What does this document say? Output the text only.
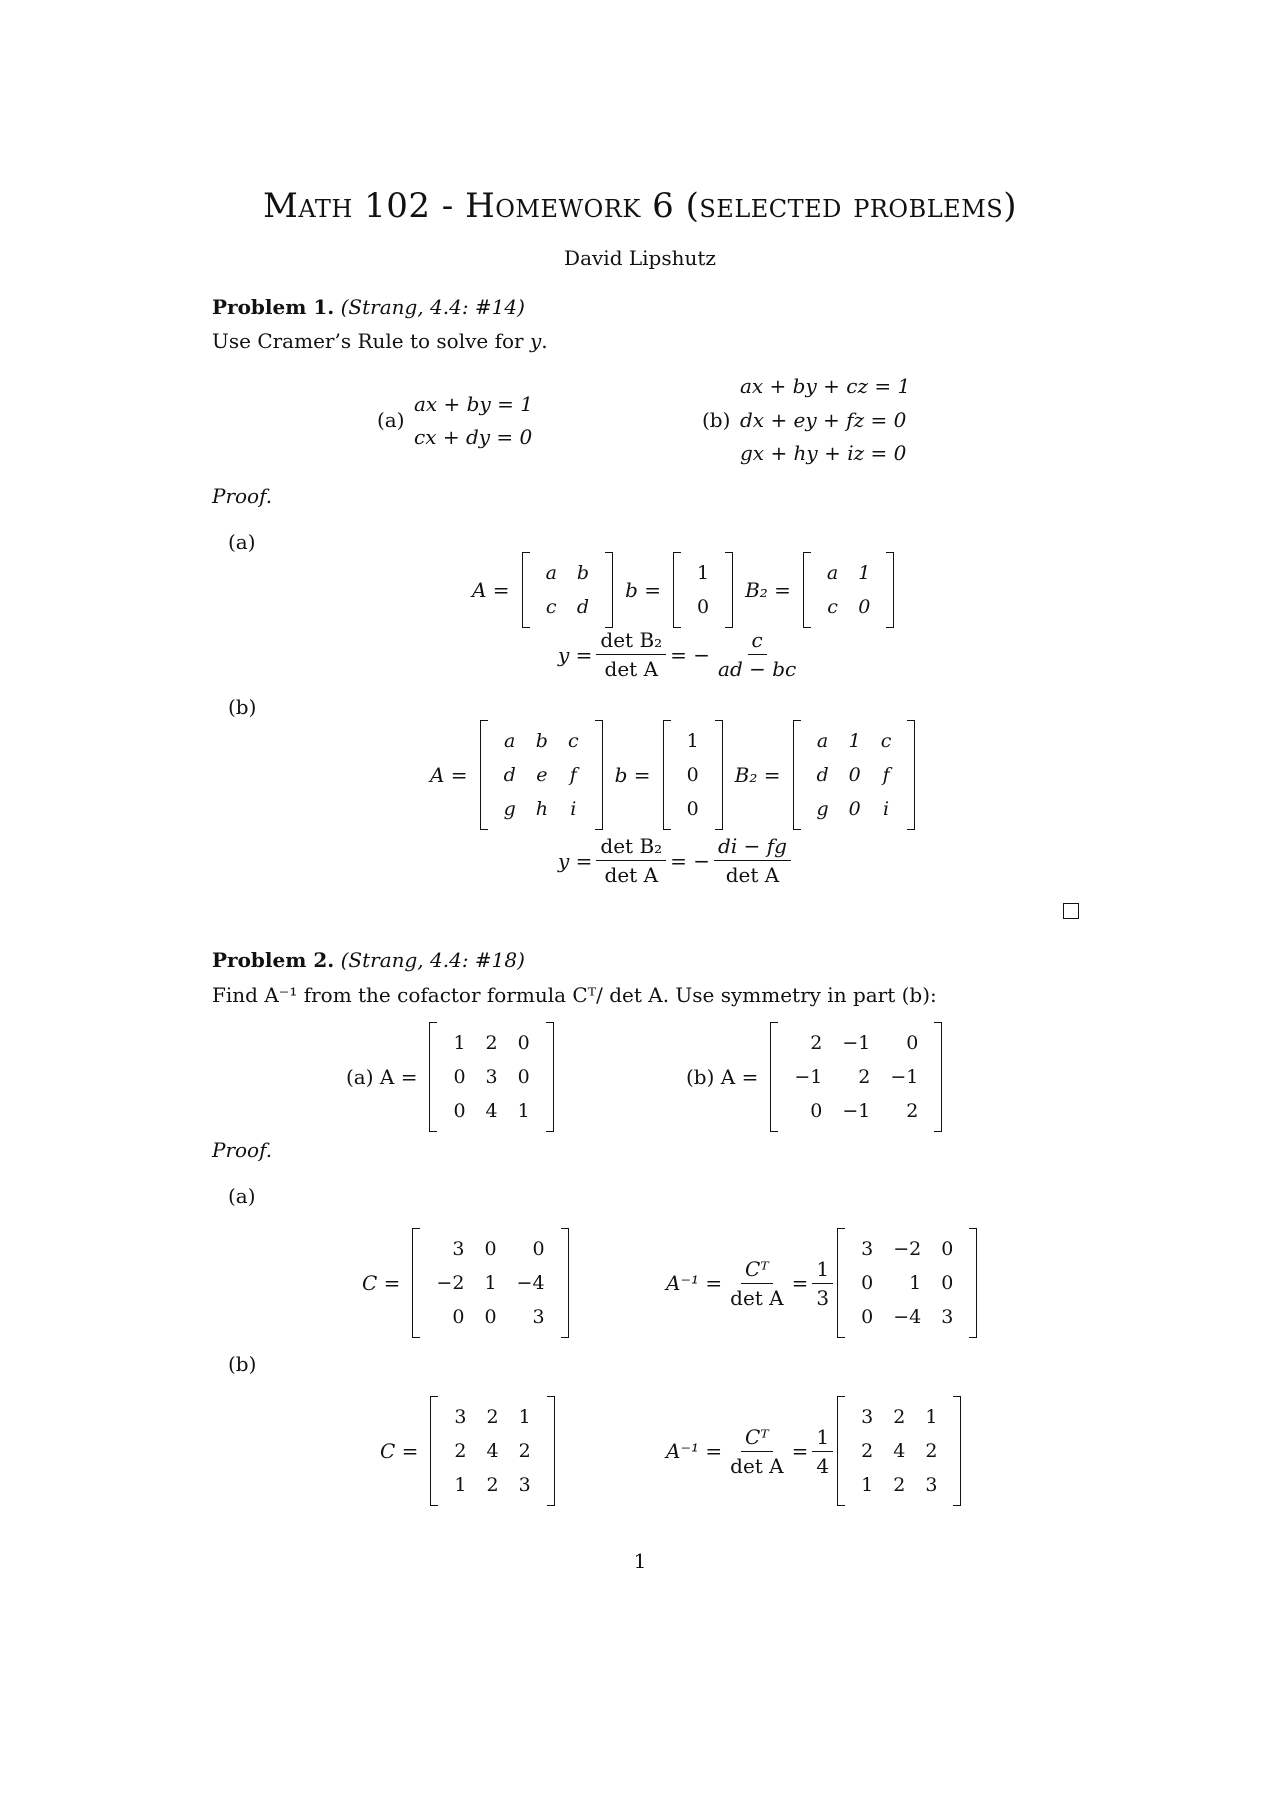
Math 102 - Homework 6 (selected problems)
David Lipshutz
Problem 1. (Strang, 4.4: #14)
Use Cramer’s Rule to solve for y.
(a)
ax + by = 1
cx + dy = 0
(b)
ax + by + cz = 1
dx + ey + fz = 0
gx + hy + iz = 0
Proof.
(a)
A =
a	b
c	d
b =
1
0
B₂ =
a	1
c	0
$y = \frac{\text{det B₂}}{\text{det A}}$ = − $\frac{c}{ad - bc}$
(b)
A =
a	b	c
d	e	f
g	h	i
b =
1
0
0
B₂ =
a	1	c
d	0	f
g	0	i
$y = \frac{\text{det B₂}}{\text{det A}}$ = − $\frac{di - fg}{\text{det A}}$
Problem 2. (Strang, 4.4: #18)
Find A⁻¹ from the cofactor formula Cᵀ/ det A. Use symmetry in part (b):
(a) A =
1	2	0
0	3	0
0	4	1
(b) A =
2	−1	0
−1	2	−1
0	−1	2
Proof.
(a)
C =
3	0	0
−2	1	−4
0	0	3
$A^{-1} = \frac{\text{Cᵀ}}{\text{det A}} = \frac{1}{3}$
3	−2	0
0	1	0
0	−4	3
(b)
C =
3	2	1
2	4	2
1	2	3
$A^{-1} = \frac{\text{Cᵀ}}{\text{det A}} = \frac{1}{4}$
3	2	1
2	4	2
1	2	3
1
